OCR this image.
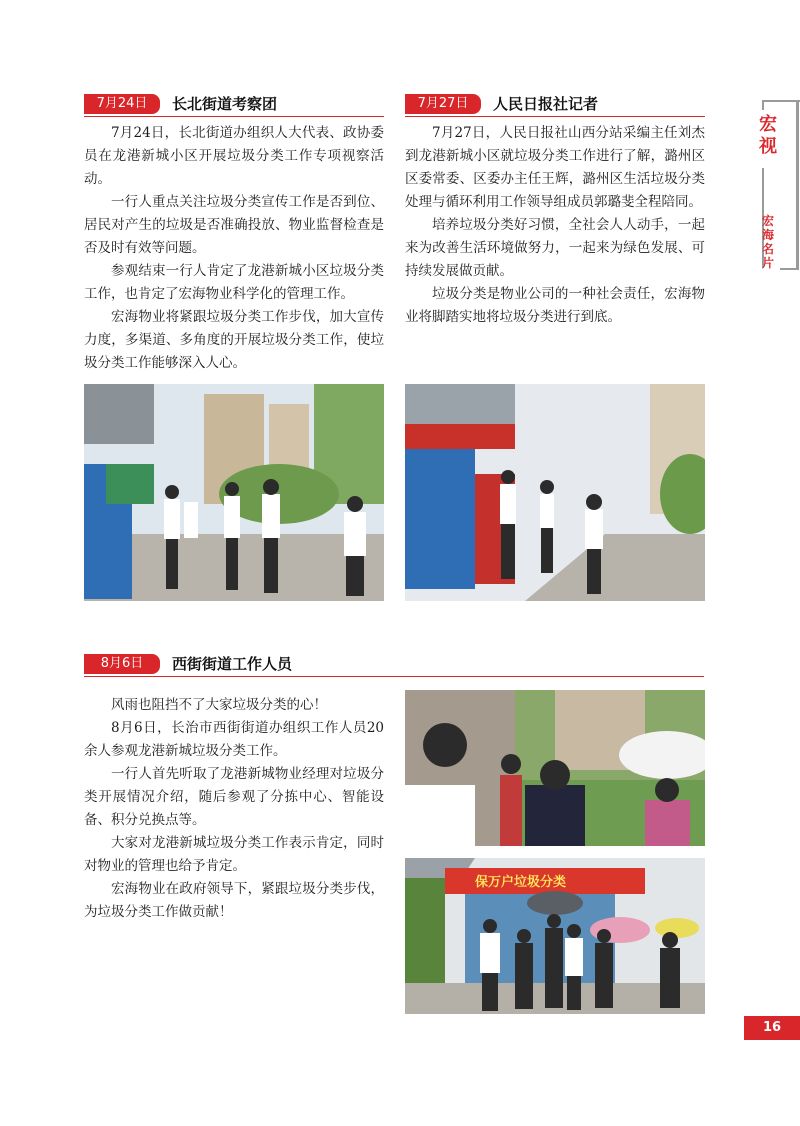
7月24日	长北街道考察团

7月24日，长北街道办组织人大代表、政协委员在龙港新城小区开展垃圾分类工作专项视察活动。

一行人重点关注垃圾分类宣传工作是否到位、居民对产生的垃圾是否准确投放、物业监督检查是否及时有效等问题。

参观结束一行人肯定了龙港新城小区垃圾分类工作，也肯定了宏海物业科学化的管理工作。

宏海物业将紧跟垃圾分类工作步伐，加大宣传力度，多渠道、多角度的开展垃圾分类工作，使垃圾分类工作能够深入人心。

7月27日	人民日报社记者

7月27日，人民日报社山西分站采编主任刘杰到龙港新城小区就垃圾分类工作进行了解，潞州区区委常委、区委办主任王辉，潞州区生活垃圾分类处理与循环利用工作领导组成员郭璐斐全程陪同。

培养垃圾分类好习惯，全社会人人动手，一起来为改善生活环境做努力，一起来为绿色发展、可持续发展做贡献。

垃圾分类是物业公司的一种社会责任，宏海物业将脚踏实地将垃圾分类进行到底。

8月6日	西街街道工作人员

风雨也阻挡不了大家垃圾分类的心！

8月6日，长治市西街街道办组织工作人员20余人参观龙港新城垃圾分类工作。

一行人首先听取了龙港新城物业经理对垃圾分类开展情况介绍，随后参观了分拣中心、智能设备、积分兑换点等。

大家对龙港新城垃圾分类工作表示肯定，同时对物业的管理也给予肯定。

宏海物业在政府领导下，紧跟垃圾分类步伐，为垃圾分类工作做贡献！

保万户垃圾分类
宏视
宏海名片
16
